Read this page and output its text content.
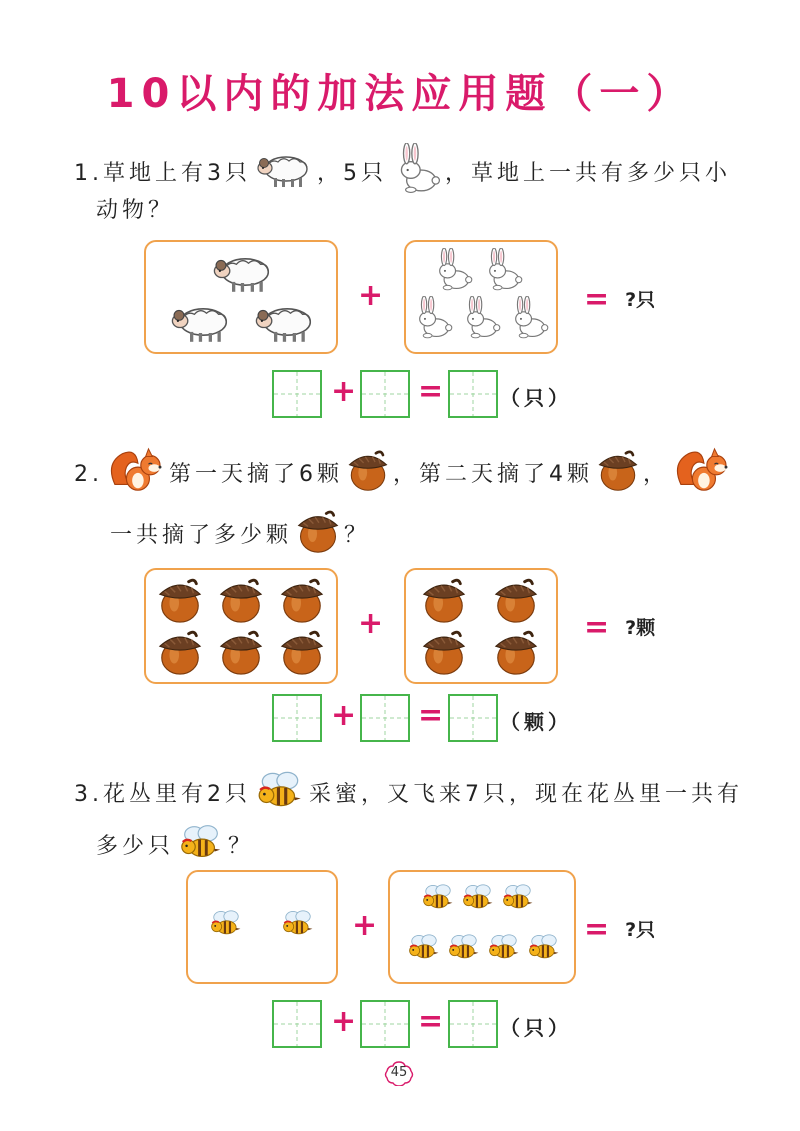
10以内的加法应用题（一）
1.草地上有3只	，5只	，草地上一共有多少只小
动物？
+	= ?只
+ =	（只）
2.	第一天摘了6颗 ，第二天摘了4颗 ，
一共摘了多少颗 ？
+	= ?颗
+ =	（颗）
3.花丛里有2只	采蜜，又飞来7只，现在花丛里一共有
多少只 ？
+	= ?只
+ =	（只）
45
